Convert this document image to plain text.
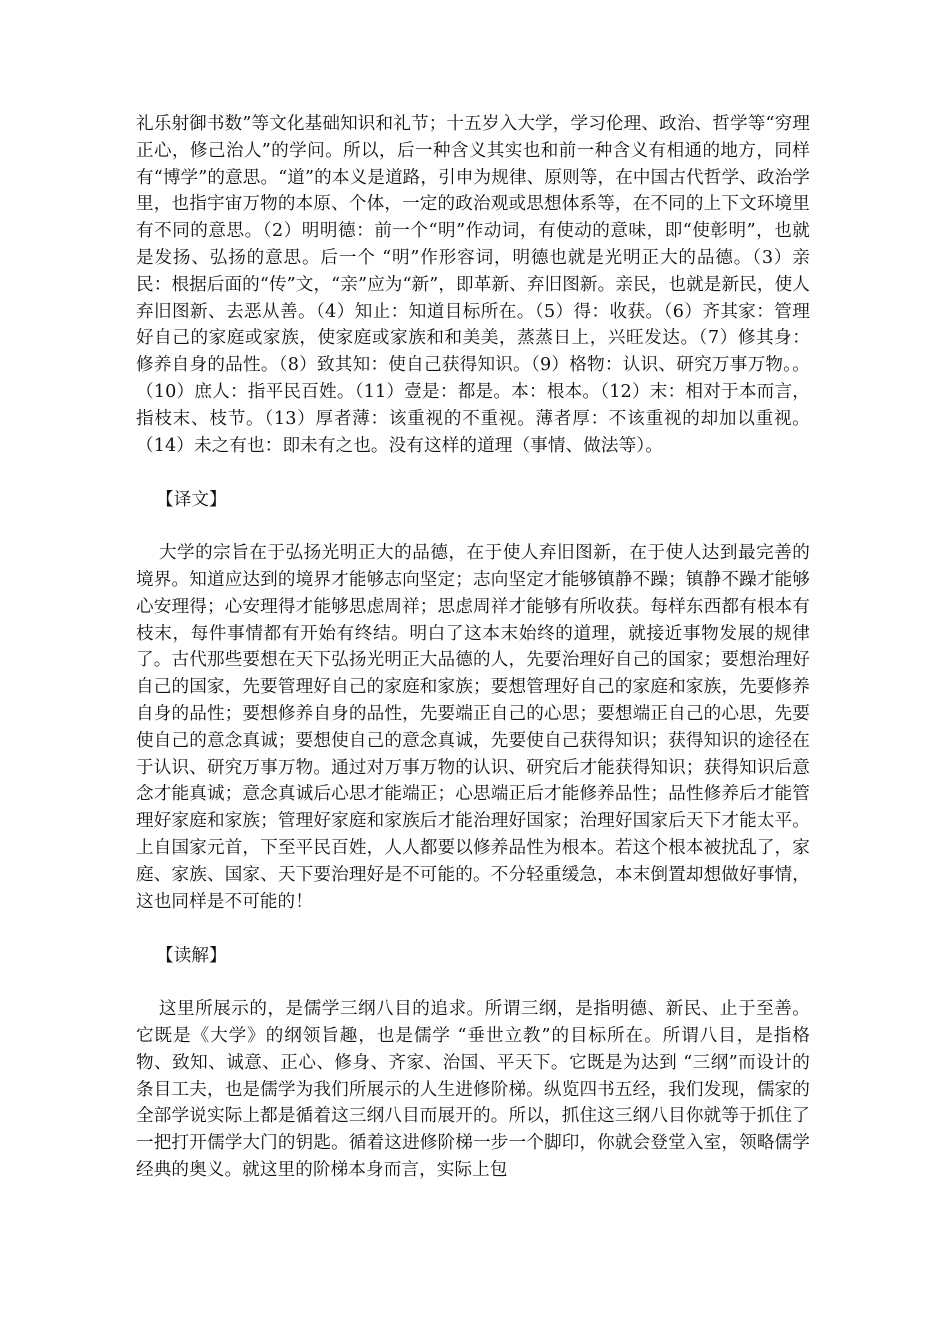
礼乐射御书数”等文化基础知识和礼节；十五岁入大学，学习伦理、政治、哲学等“穷理正心，修己治人”的学问。所以，后一种含义其实也和前一种含义有相通的地方，同样有“博学”的意思。“道”的本义是道路，引申为规律、原则等，在中国古代哲学、政治学里，也指宇宙万物的本原、个体，一定的政治观或思想体系等，在不同的上下文环境里有不同的意思。（2）明明德：前一个“明”作动词，有使动的意味，即“使彰明”，也就是发扬、弘扬的意思。后一个 “明”作形容词，明德也就是光明正大的品德。（3）亲民：根据后面的“传”文，“亲”应为“新”，即革新、弃旧图新。亲民，也就是新民，使人弃旧图新、去恶从善。（4）知止：知道目标所在。（5）得：收获。（6）齐其家：管理好自己的家庭或家族，使家庭或家族和和美美，蒸蒸日上，兴旺发达。（7）修其身：修养自身的品性。（8）致其知：使自己获得知识。（9）格物：认识、研究万事万物。。（10）庶人：指平民百姓。（11）壹是：都是。本：根本。（12）末：相对于本而言，指枝末、枝节。（13）厚者薄：该重视的不重视。薄者厚：不该重视的却加以重视。（14）未之有也：即未有之也。没有这样的道理（事情、做法等）。

【译文】

大学的宗旨在于弘扬光明正大的品德，在于使人弃旧图新，在于使人达到最完善的境界。知道应达到的境界才能够志向坚定；志向坚定才能够镇静不躁；镇静不躁才能够心安理得；心安理得才能够思虑周祥；思虑周祥才能够有所收获。每样东西都有根本有枝末，每件事情都有开始有终结。明白了这本末始终的道理，就接近事物发展的规律了。古代那些要想在天下弘扬光明正大品德的人，先要治理好自己的国家；要想治理好自己的国家，先要管理好自己的家庭和家族；要想管理好自己的家庭和家族，先要修养自身的品性；要想修养自身的品性，先要端正自己的心思；要想端正自己的心思，先要使自己的意念真诚；要想使自己的意念真诚，先要使自己获得知识；获得知识的途径在于认识、研究万事万物。通过对万事万物的认识、研究后才能获得知识；获得知识后意念才能真诚；意念真诚后心思才能端正；心思端正后才能修养品性；品性修养后才能管理好家庭和家族；管理好家庭和家族后才能治理好国家；治理好国家后天下才能太平。上自国家元首，下至平民百姓，人人都要以修养品性为根本。若这个根本被扰乱了，家庭、家族、国家、天下要治理好是不可能的。不分轻重缓急，本末倒置却想做好事情，这也同样是不可能的！

【读解】

这里所展示的，是儒学三纲八目的追求。所谓三纲，是指明德、新民、止于至善。它既是《大学》的纲领旨趣，也是儒学 “垂世立教”的目标所在。所谓八目，是指格物、致知、诚意、正心、修身、齐家、治国、平天下。它既是为达到 “三纲”而设计的条目工夫，也是儒学为我们所展示的人生进修阶梯。纵览四书五经，我们发现，儒家的全部学说实际上都是循着这三纲八目而展开的。所以，抓住这三纲八目你就等于抓住了一把打开儒学大门的钥匙。循着这进修阶梯一步一个脚印，你就会登堂入室，领略儒学经典的奥义。就这里的阶梯本身而言，实际上包
